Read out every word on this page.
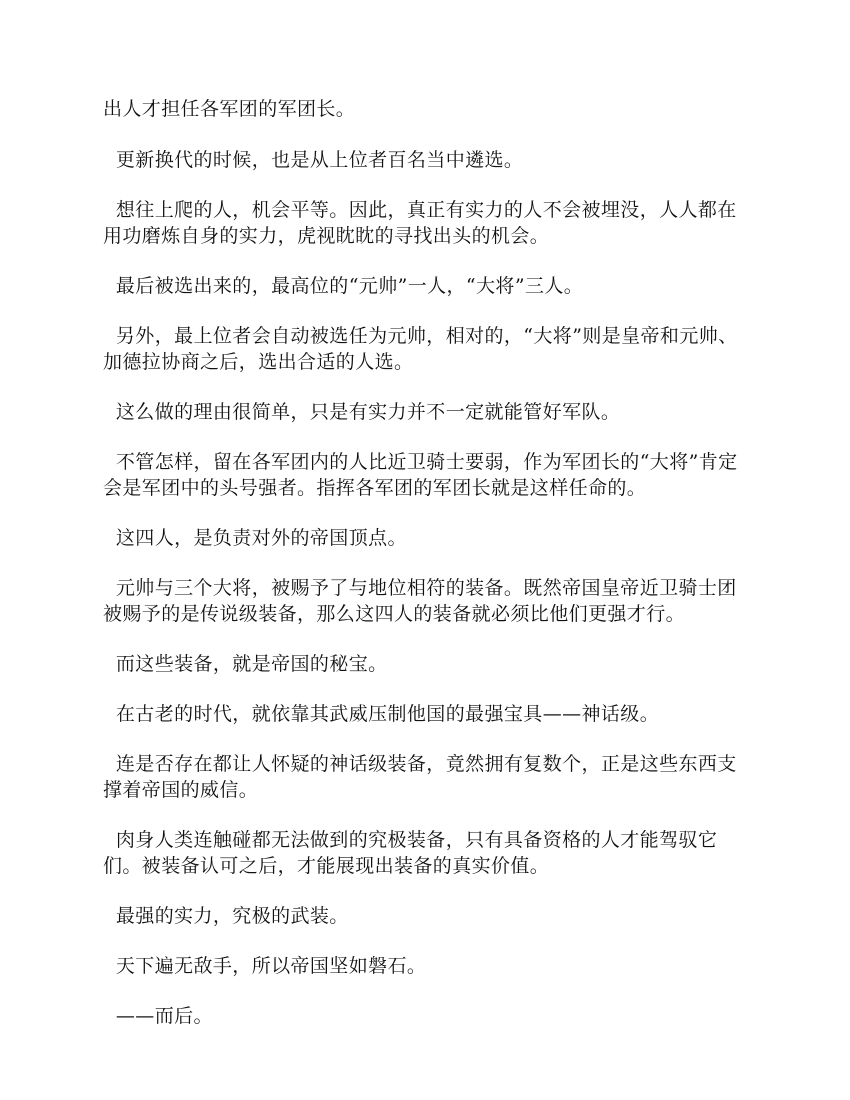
出人才担任各军团的军团长。

更新换代的时候，也是从上位者百名当中遴选。

想往上爬的人，机会平等。因此，真正有实力的人不会被埋没，人人都在用功磨炼自身的实力，虎视眈眈的寻找出头的机会。

最后被选出来的，最高位的“元帅”一人，“大将”三人。

另外，最上位者会自动被选任为元帅，相对的，“大将”则是皇帝和元帅、加德拉协商之后，选出合适的人选。

这么做的理由很简单，只是有实力并不一定就能管好军队。

不管怎样，留在各军团内的人比近卫骑士要弱，作为军团长的“大将”肯定会是军团中的头号强者。指挥各军团的军团长就是这样任命的。

这四人，是负责对外的帝国顶点。

元帅与三个大将，被赐予了与地位相符的装备。既然帝国皇帝近卫骑士团被赐予的是传说级装备，那么这四人的装备就必须比他们更强才行。

而这些装备，就是帝国的秘宝。

在古老的时代，就依靠其武威压制他国的最强宝具——神话级。

连是否存在都让人怀疑的神话级装备，竟然拥有复数个，正是这些东西支撑着帝国的威信。

肉身人类连触碰都无法做到的究极装备，只有具备资格的人才能驾驭它们。被装备认可之后，才能展现出装备的真实价值。

最强的实力，究极的武装。

天下遍无敌手，所以帝国坚如磐石。

——而后。
